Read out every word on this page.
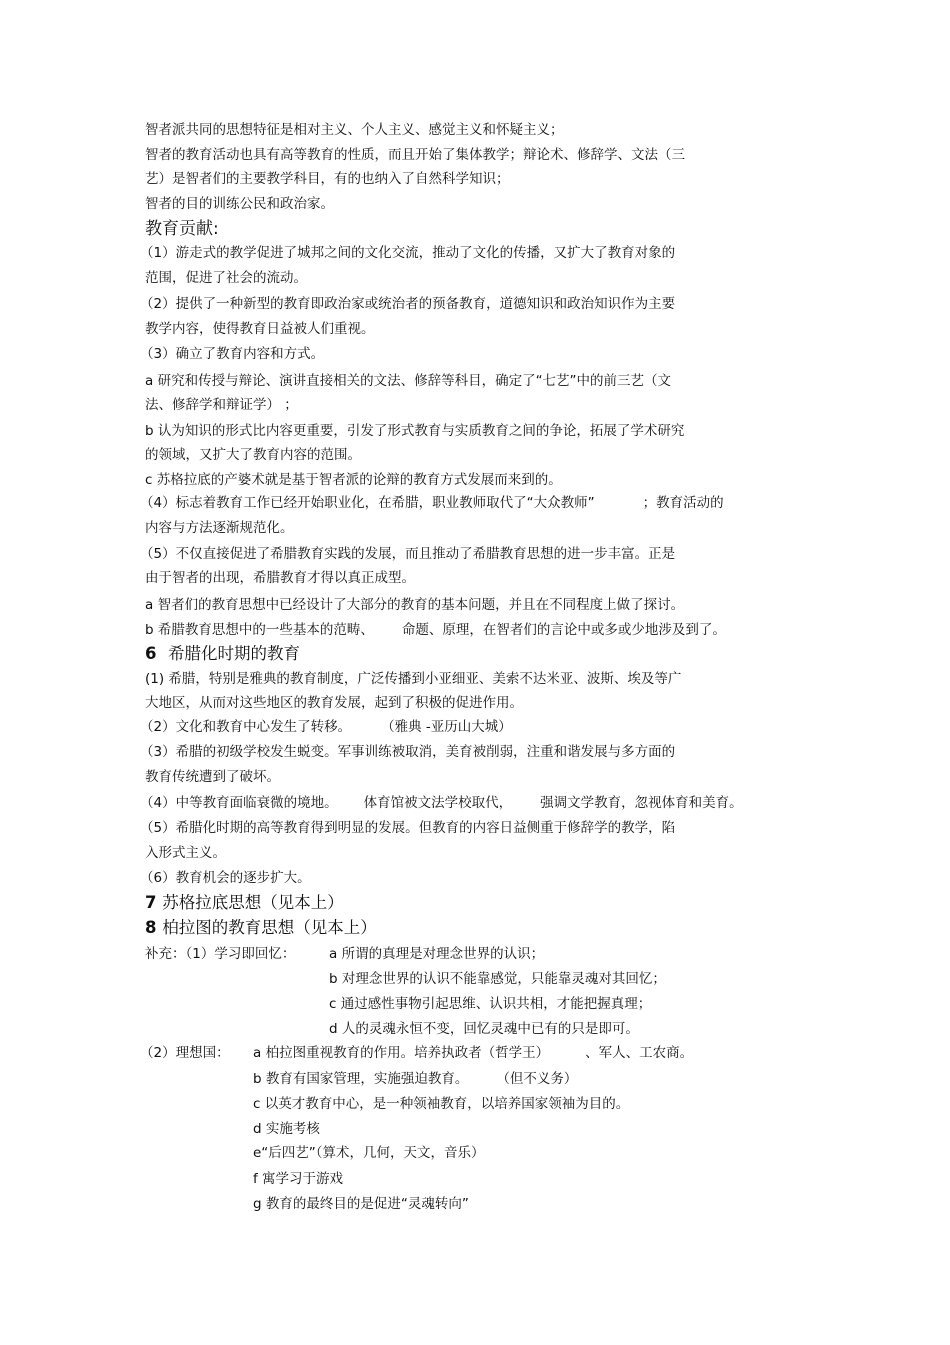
智者派共同的思想特征是相对主义、个人主义、感觉主义和怀疑主义；

智者的教育活动也具有高等教育的性质，而且开始了集体教学；辩论术、修辞学、文法（三

艺）是智者们的主要教学科目，有的也纳入了自然科学知识；

智者的目的训练公民和政治家。

教育贡献:

（1）游走式的教学促进了城邦之间的文化交流，推动了文化的传播，又扩大了教育对象的

范围，促进了社会的流动。

（2）提供了一种新型的教育即政治家或统治者的预备教育，道德知识和政治知识作为主要

教学内容，使得教育日益被人们重视。

（3）确立了教育内容和方式。

a 研究和传授与辩论、演讲直接相关的文法、修辞等科目，确定了“七艺”中的前三艺（文

法、修辞学和辩证学） ；

b 认为知识的形式比内容更重要，引发了形式教育与实质教育之间的争论，拓展了学术研究

的领域，又扩大了教育内容的范围。

c 苏格拉底的产婆术就是基于智者派的论辩的教育方式发展而来到的。

（4）标志着教育工作已经开始职业化，在希腊，职业教师取代了“大众教师”	；教育活动的

内容与方法逐渐规范化。

（5）不仅直接促进了希腊教育实践的发展，而且推动了希腊教育思想的进一步丰富。正是

由于智者的出现，希腊教育才得以真正成型。

a 智者们的教育思想中已经设计了大部分的教育的基本问题，并且在不同程度上做了探讨。

b 希腊教育思想中的一些基本的范畴、 命题、原理，在智者们的言论中或多或少地涉及到了。

6 希腊化时期的教育

(1) 希腊，特别是雅典的教育制度，广泛传播到小亚细亚、美索不达米亚、波斯、埃及等广

大地区，从而对这些地区的教育发展，起到了积极的促进作用。

（2）文化和教育中心发生了转移。 （雅典 -亚历山大城）

（3）希腊的初级学校发生蜕变。军事训练被取消，美育被削弱，注重和谐发展与多方面的

教育传统遭到了破坏。

（4）中等教育面临衰微的境地。 体育馆被文法学校取代， 强调文学教育，忽视体育和美育。

（5）希腊化时期的高等教育得到明显的发展。但教育的内容日益侧重于修辞学的教学，陷

入形式主义。

（6）教育机会的逐步扩大。

7 苏格拉底思想（见本上）

8 柏拉图的教育思想（见本上）

补充：（1）学习即回忆： a 所谓的真理是对理念世界的认识；

b 对理念世界的认识不能靠感觉，只能靠灵魂对其回忆；

c 通过感性事物引起思维、认识共相，才能把握真理；

d 人的灵魂永恒不变，回忆灵魂中已有的只是即可。

（2）理想国： a 柏拉图重视教育的作用。培养执政者（哲学王）	、军人、工农商。

b 教育有国家管理，实施强迫教育。 （但不义务）

c 以英才教育中心，是一种领袖教育，以培养国家领袖为目的。

d 实施考核

e“后四艺”（算术，几何，天文，音乐）

f 寓学习于游戏

g 教育的最终目的是促进“灵魂转向”
